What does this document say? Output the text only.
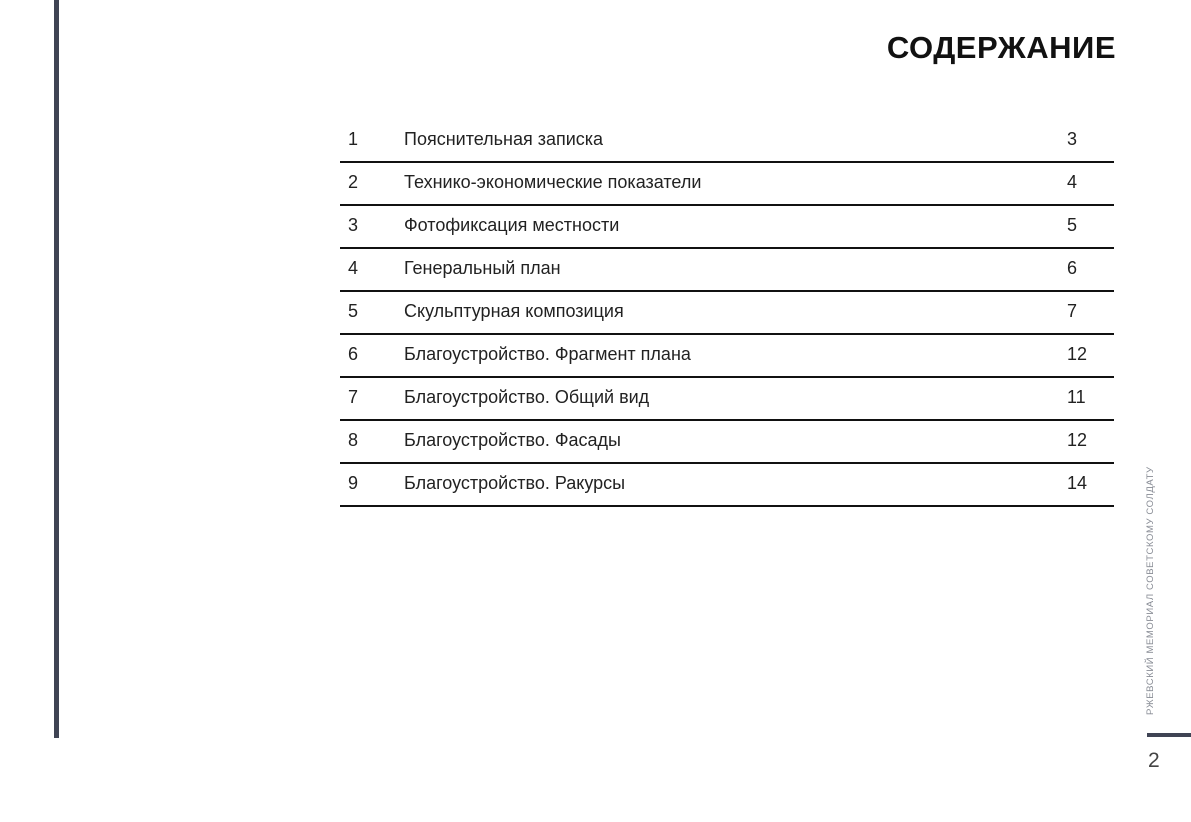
СОДЕРЖАНИЕ
1	Пояснительная записка	3
2	Технико-экономические показатели	4
3	Фотофиксация местности	5
4	Генеральный план	6
5	Скульптурная композиция	7
6	Благоустройство. Фрагмент плана	12
7	Благоустройство. Общий вид	11
8	Благоустройство. Фасады	12
9	Благоустройство. Ракурсы	14	РЖЕВСКИЙ МЕМОРИАЛ СОВЕТСКОМУ СОЛДАТУ
2
